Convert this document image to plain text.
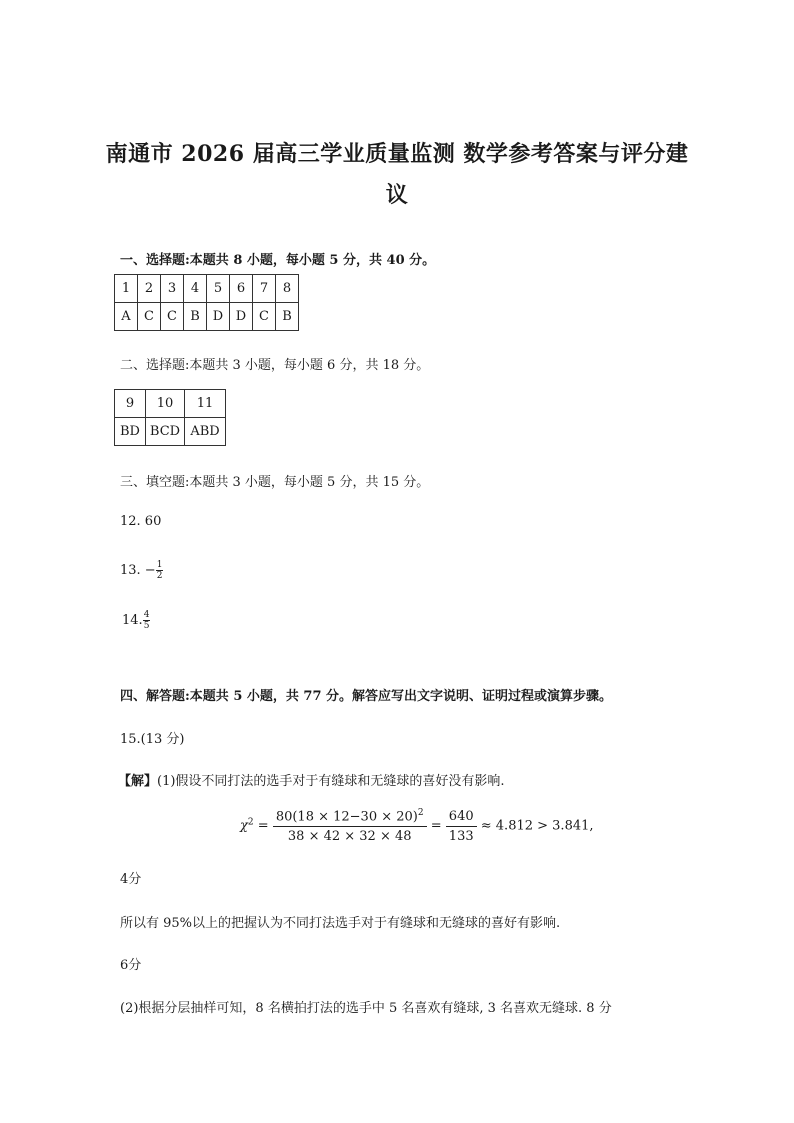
南通市 2026 届高三学业质量监测 数学参考答案与评分建
议
一、选择题:本题共 8 小题，每小题 5 分，共 40 分。
1	2	3	4	5	6	7	8
A	C	C	B	D	D	C	B
二、选择题:本题共 3 小题，每小题 6 分，共 18 分。
9	10	11
BD	BCD	ABD
三、填空题:本题共 3 小题，每小题 5 分，共 15 分。
12. 60
13. − $\frac{1}{2}$
14. $\frac{4}{5}$
四、解答题:本题共 5 小题，共 77 分。解答应写出文字说明、证明过程或演算步骤。
15.(13 分)
【解】(1)假设不同打法的选手对于有缝球和无缝球的喜好没有影响.
$\chi^2 = \frac{80(18 \times 12-30 \times 20)^2}{38 \times 42 \times 32 \times 48} = \frac{640}{133} \approx 4.812 > 3.841$,
4分
所以有 95%以上的把握认为不同打法选手对于有缝球和无缝球的喜好有影响.
6分
(2)根据分层抽样可知，8 名横拍打法的选手中 5 名喜欢有缝球, 3 名喜欢无缝球. 8 分
